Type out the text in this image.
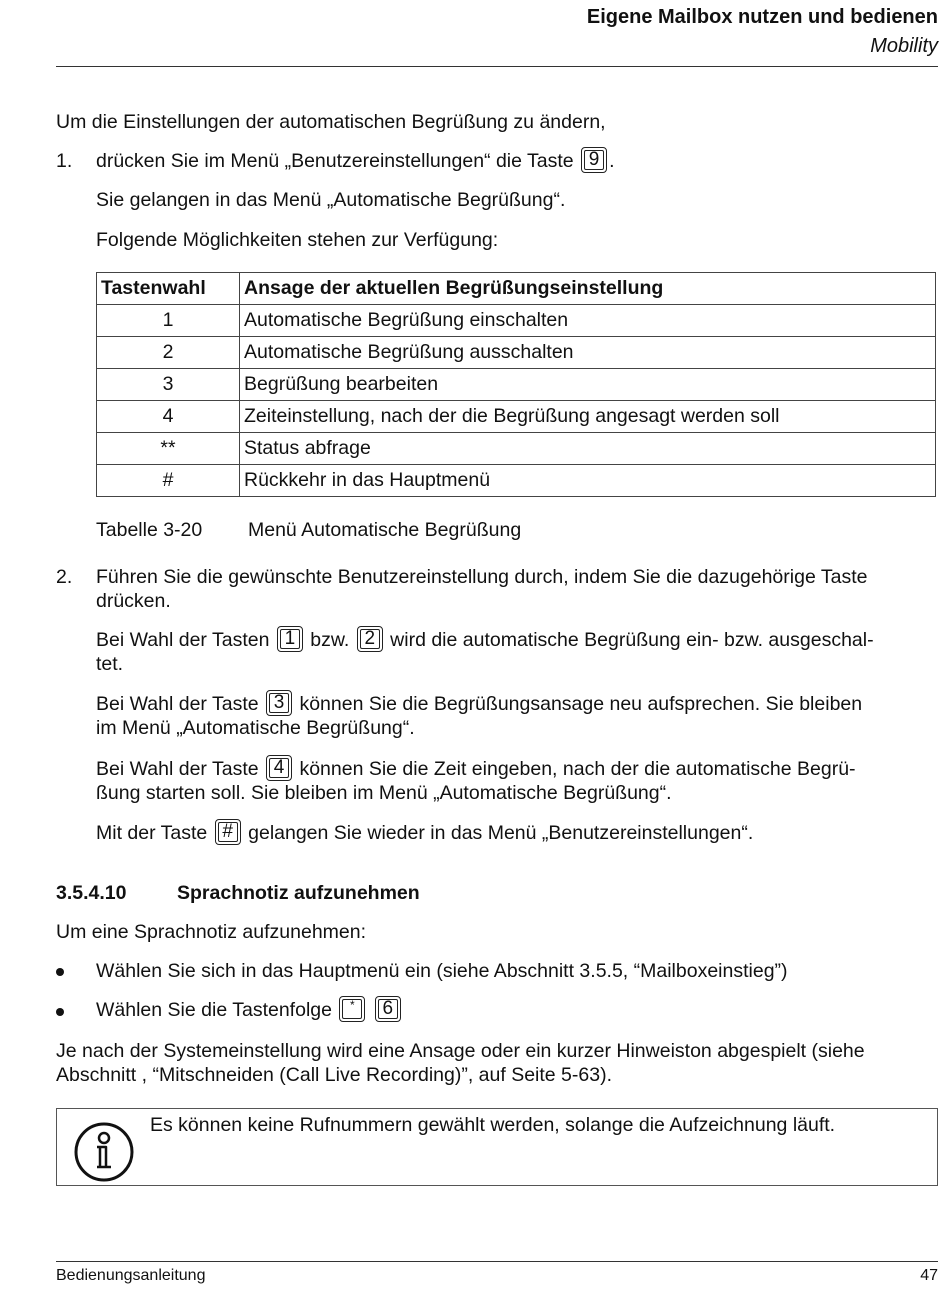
Eigene Mailbox nutzen und bedienen
Mobility
Um die Einstellungen der automatischen Begrüßung zu ändern,
1. drücken Sie im Menü „Benutzereinstellungen“ die Taste 9 .
Sie gelangen in das Menü „Automatische Begrüßung“.
Folgende Möglichkeiten stehen zur Verfügung:
Tastenwahl	Ansage der aktuellen Begrüßungseinstellung
1	Automatische Begrüßung einschalten
2	Automatische Begrüßung ausschalten
3	Begrüßung bearbeiten
4	Zeiteinstellung, nach der die Begrüßung angesagt werden soll
**	Status abfrage
#	Rückkehr in das Hauptmenü
Tabelle 3-20 Menü Automatische Begrüßung
2. Führen Sie die gewünschte Benutzereinstellung durch, indem Sie die dazugehörige Taste
drücken.
Bei Wahl der Tasten 1 bzw. 2 wird die automatische Begrüßung ein- bzw. ausgeschal-
tet.
Bei Wahl der Taste 3 können Sie die Begrüßungsansage neu aufsprechen. Sie bleiben
im Menü „Automatische Begrüßung“.
Bei Wahl der Taste 4 können Sie die Zeit eingeben, nach der die automatische Begrü-
ßung starten soll. Sie bleiben im Menü „Automatische Begrüßung“.
Mit der Taste # gelangen Sie wieder in das Menü „Benutzereinstellungen“.
3.5.4.10	Sprachnotiz aufzunehmen
Um eine Sprachnotiz aufzunehmen:
Wählen Sie sich in das Hauptmenü ein (siehe Abschnitt 3.5.5, “Mailboxeinstieg”)
Wählen Sie die Tastenfolge	*	6
Je nach der Systemeinstellung wird eine Ansage oder ein kurzer Hinweiston abgespielt (siehe
Abschnitt , “Mitschneiden (Call Live Recording)”, auf Seite 5-63).
Es können keine Rufnummern gewählt werden, solange die Aufzeichnung läuft.
Bedienungsanleitung	47
